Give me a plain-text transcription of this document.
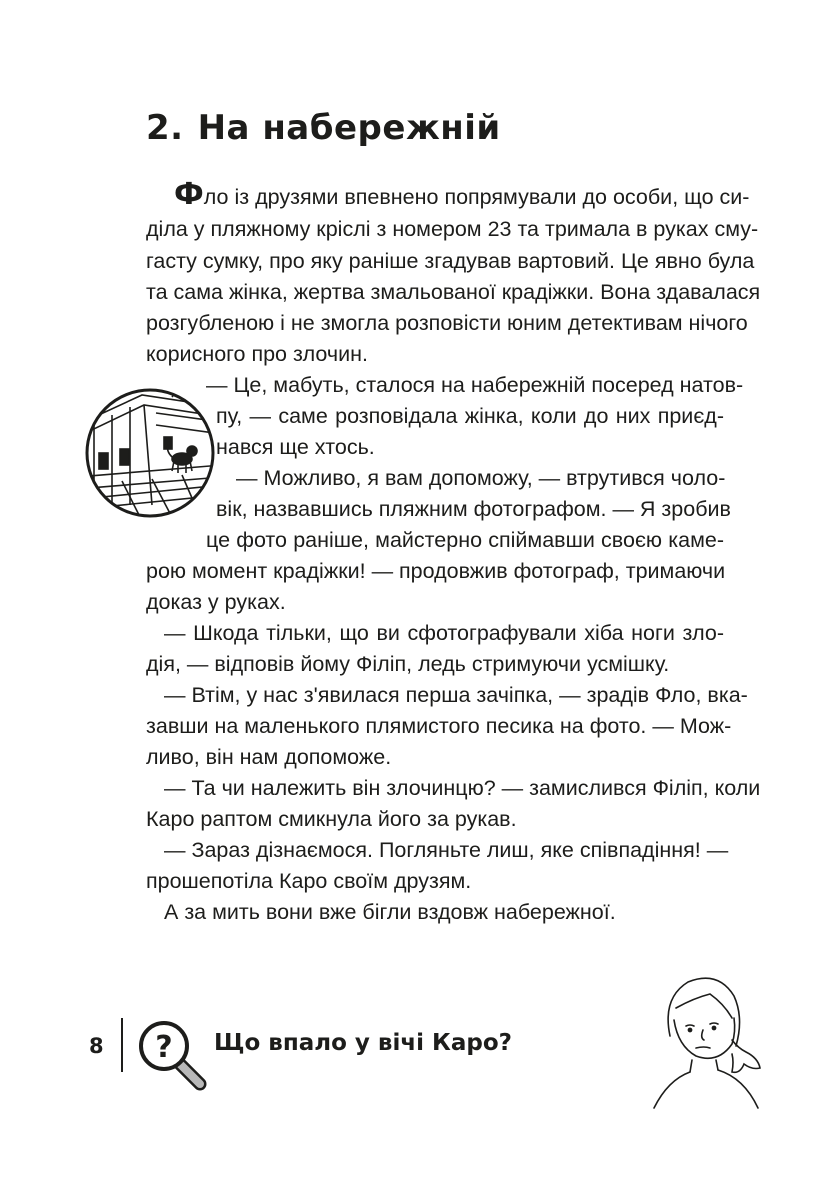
2. На набережній
Фло із друзями впевнено попрямували до особи, що си-
діла у пляжному кріслі з номером 23 та тримала в руках сму-
гасту сумку, про яку раніше згадував вартовий. Це явно була
та сама жінка, жертва змальованої крадіжки. Вона здавалася
розгубленою і не змогла розповісти юним детективам нічого
корисного про злочин.
— Це, мабуть, сталося на набережній посеред натов-
пу, — саме розповідала жінка, коли до них приєд-
нався ще хтось.
— Можливо, я вам допоможу, — втрутився чоло-
вік, назвавшись пляжним фотографом. — Я зробив
це фото раніше, майстерно спіймавши своєю каме-
рою момент крадіжки! — продовжив фотограф, тримаючи
доказ у руках.
— Шкода тільки, що ви сфотографували хіба ноги зло-
дія, — відповів йому Філіп, ледь стримуючи усмішку.
— Втім, у нас з'явилася перша зачіпка, — зрадів Фло, вка-
завши на маленького плямистого песика на фото. — Мож-
ливо, він нам допоможе.
— Та чи належить він злочинцю? — замислився Філіп, коли
Каро раптом смикнула його за рукав.
— Зараз дізнаємося. Погляньте лиш, яке співпадіння! —
прошепотіла Каро своїм друзям.
А за мить вони вже бігли вздовж набережної.
8 ? Що впало у вічі Каро?
